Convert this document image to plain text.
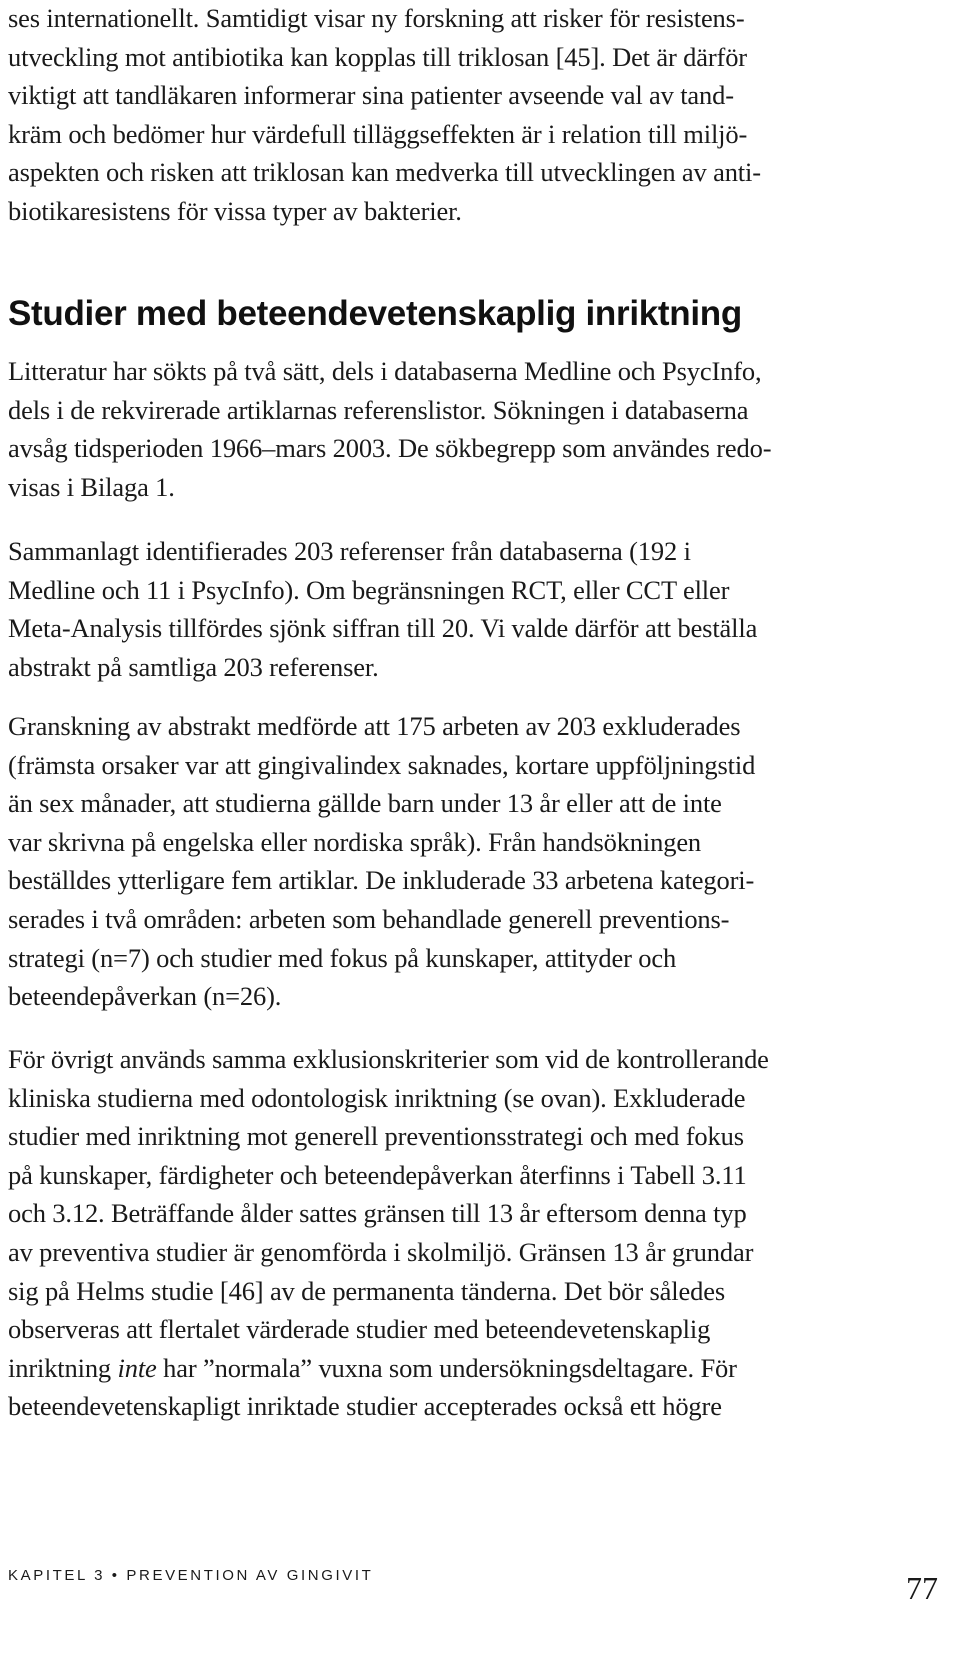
ses internationellt. Samtidigt visar ny forskning att risker för resistens-
utveckling mot antibiotika kan kopplas till triklosan [45]. Det är därför
viktigt att tandläkaren informerar sina patienter avseende val av tand-
kräm och bedömer hur värdefull tilläggseffekten är i relation till miljö-
aspekten och risken att triklosan kan medverka till utvecklingen av anti-
biotikaresistens för vissa typer av bakterier.

Studier med beteendevetenskaplig inriktning

Litteratur har sökts på två sätt, dels i databaserna Medline och PsycInfo,
dels i de rekvirerade artiklarnas referenslistor. Sökningen i databaserna
avsåg tidsperioden 1966–mars 2003. De sökbegrepp som användes redo-
visas i Bilaga 1.

Sammanlagt identifierades 203 referenser från databaserna (192 i
Medline och 11 i PsycInfo). Om begränsningen RCT, eller CCT eller
Meta-Analysis tillfördes sjönk siffran till 20. Vi valde därför att beställa
abstrakt på samtliga 203 referenser.

Granskning av abstrakt medförde att 175 arbeten av 203 exkluderades
(främsta orsaker var att gingivalindex saknades, kortare uppföljningstid
än sex månader, att studierna gällde barn under 13 år eller att de inte
var skrivna på engelska eller nordiska språk). Från handsökningen
beställdes ytterligare fem artiklar. De inkluderade 33 arbetena kategori-
serades i två områden: arbeten som behandlade generell preventions-
strategi (n=7) och studier med fokus på kunskaper, attityder och
beteendepåverkan (n=26).

För övrigt används samma exklusionskriterier som vid de kontrollerande
kliniska studierna med odontologisk inriktning (se ovan). Exkluderade
studier med inriktning mot generell preventionsstrategi och med fokus
på kunskaper, färdigheter och beteendepåverkan återfinns i Tabell 3.11
och 3.12. Beträffande ålder sattes gränsen till 13 år eftersom denna typ
av preventiva studier är genomförda i skolmiljö. Gränsen 13 år grundar
sig på Helms studie [46] av de permanenta tänderna. Det bör således
observeras att flertalet värderade studier med beteendevetenskaplig
inriktning inte har ”normala” vuxna som undersökningsdeltagare. För
beteendevetenskapligt inriktade studier accepterades också ett högre

KAPITEL 3 • PREVENTION AV GINGIVIT	77
